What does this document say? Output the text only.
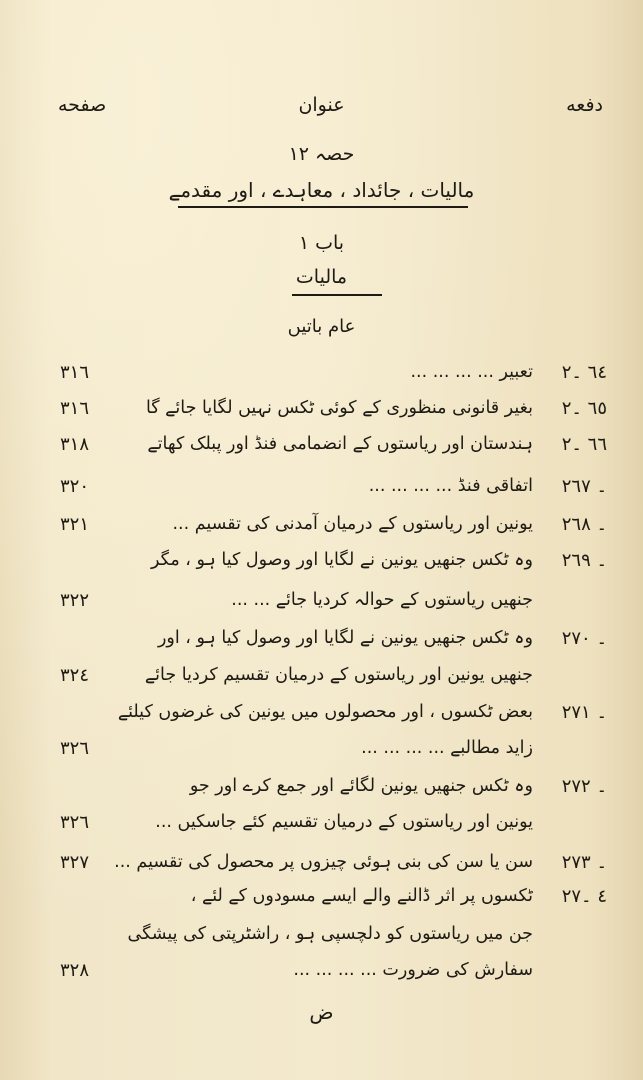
صفحه	عنوان	دفعه
حصہ ۱۲
مالیات ، جائداد ، معاہدے ، اور مقدمے
باب ۱
مالیات
عام باتیں
۲٦٤ ۔
تعبیر ... ... ... ...
۳۱٦
۲٦٥ ۔
بغیر قانونی منظوری کے کوئی ٹکس نہیں لگایا جائے گا
۳۱٦
۲٦٦ ۔
ہندستان اور ریاستوں کے انضمامی فنڈ اور پبلک کھاتے
۳۱۸
۲٦۷ ۔
اتفاقی فنڈ ... ... ... ...
۳۲۰
۲٦۸ ۔
یونین اور ریاستوں کے درمیان آمدنی کی تقسیم ...
۳۲۱
۲٦۹ ۔
وہ ٹکس جنھیں یونین نے لگایا اور وصول کیا ہو ، مگر
جنھیں ریاستوں کے حوالہ کردیا جائے ... ...
۳۲۲
۲۷۰ ۔
وہ ٹکس جنھیں یونین نے لگایا اور وصول کیا ہو ، اور
جنھیں یونین اور ریاستوں کے درمیان تقسیم کردیا جائے
۳۲٤
۲۷۱ ۔
بعض ٹکسوں ، اور محصولوں میں یونین کی غرضوں کیلئے
زاید مطالبے ... ... ... ...
۳۲٦
۲۷۲ ۔
وہ ٹکس جنھیں یونین لگائے اور جمع کرے اور جو
یونین اور ریاستوں کے درمیان تقسیم کئے جاسکیں ...
۳۲٦
۲۷۳ ۔
سن یا سن کی بنی ہوئی چیزوں پر محصول کی تقسیم ...
۳۲۷
۲۷٤ ۔
ٹکسوں پر اثر ڈالنے والے ایسے مسودوں کے لئے ،
جن میں ریاستوں کو دلچسپی ہو ، راشٹرپتی کی پیشگی
سفارش کی ضرورت ... ... ... ...
۳۲۸
ض
